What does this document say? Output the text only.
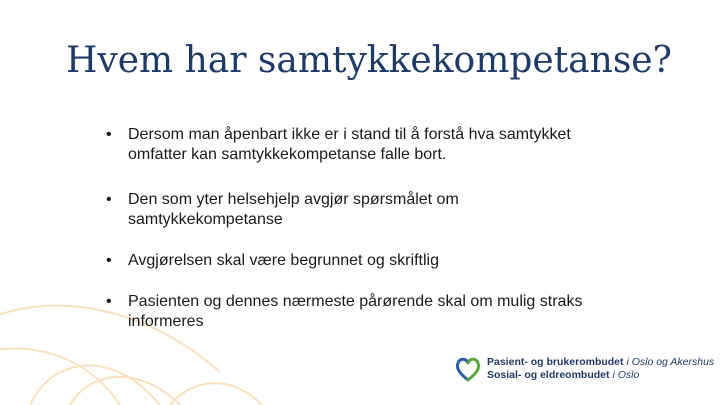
Hvem har samtykkekompetanse?
• Dersom man åpenbart ikke er i stand til å forstå hva samtykket omfatter kan samtykkekompetanse falle bort.
• Den som yter helsehjelp avgjør spørsmålet om samtykkekompetanse
• Avgjørelsen skal være begrunnet og skriftlig
• Pasienten og dennes nærmeste pårørende skal om mulig straks informeres
Pasient- og brukerombudet i Oslo og Akershus
Sosial- og eldreombudet i Oslo
